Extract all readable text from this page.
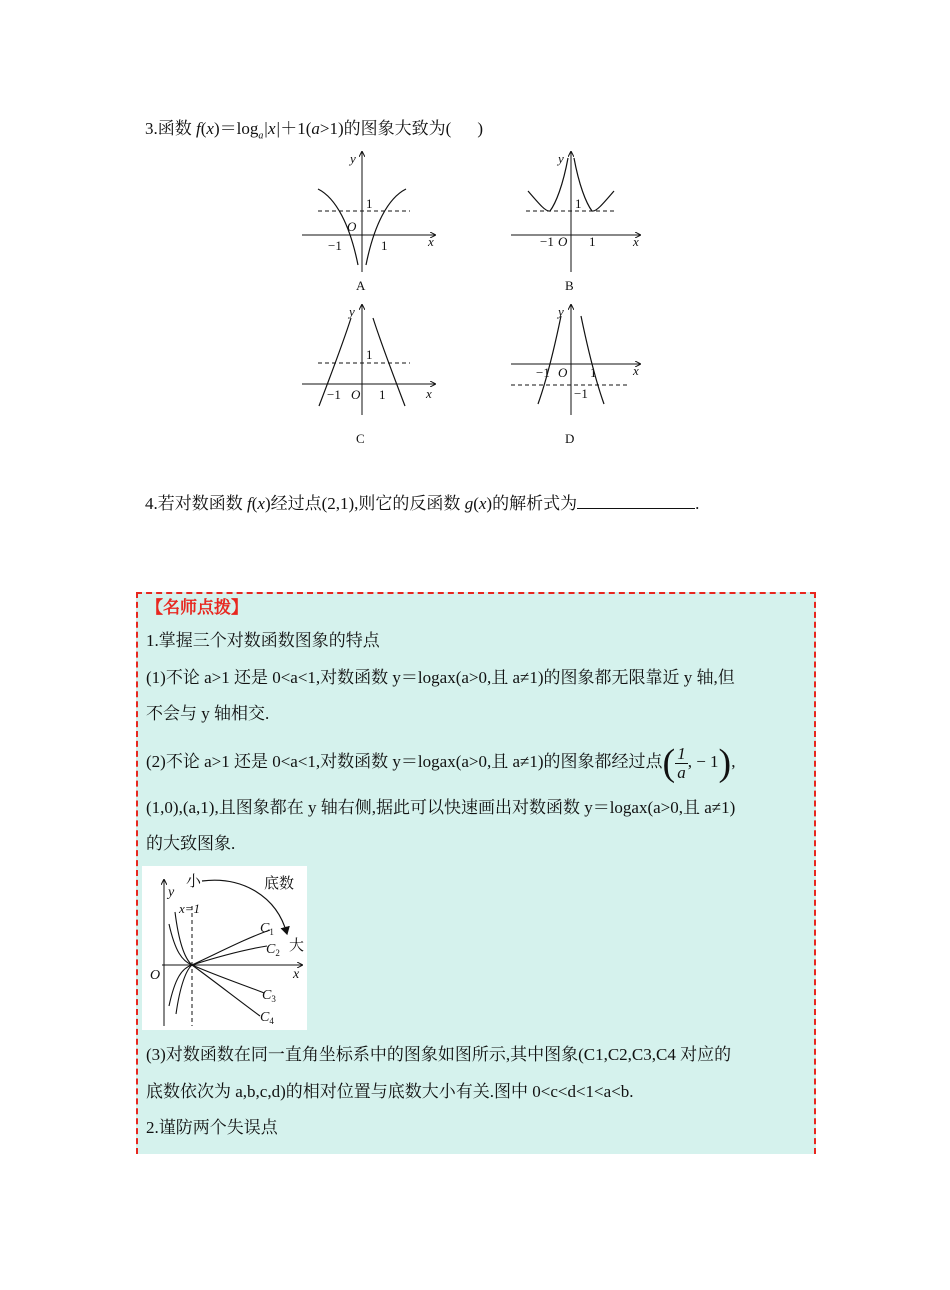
3.函数 $f(x)=\log_a|x|+1(a>1)$的图象大致为( )
y
x
O
1
−1	1
A
y
x
O
1
−1	1
B
y
x
O
1
−1	1
C
y
x
O
−1	1
−1
D
4.若对数函数 f(x)经过点(2,1),则它的反函数 g(x)的解析式为	.
【名师点拨】
1.掌握三个对数函数图象的特点
(1)不论 a>1 还是 0<a<1,对数函数 y＝logax(a>0,且 a≠1)的图象都无限靠近 y 轴,但
不会与 y 轴相交.
(2)不论 a>1 还是 0<a<1,对数函数 y＝logax(a>0,且 a≠1)的图象都经过点( $\frac{1}{a}$ , − 1),
(1,0),(a,1),且图象都在 y 轴右侧,据此可以快速画出对数函数 y＝logax(a>0,且 a≠1)
的大致图象.
(3)对数函数在同一直角坐标系中的图象如图所示,其中图象(C1,C2,C3,C4 对应的
底数依次为 a,b,c,d)的相对位置与底数大小有关.图中 0<c<d<1<a<b.
2.谨防两个失误点
小	底数
大
y
x=1
O	x
$C_1$
$C_2$
$C_3$
$C_4$
